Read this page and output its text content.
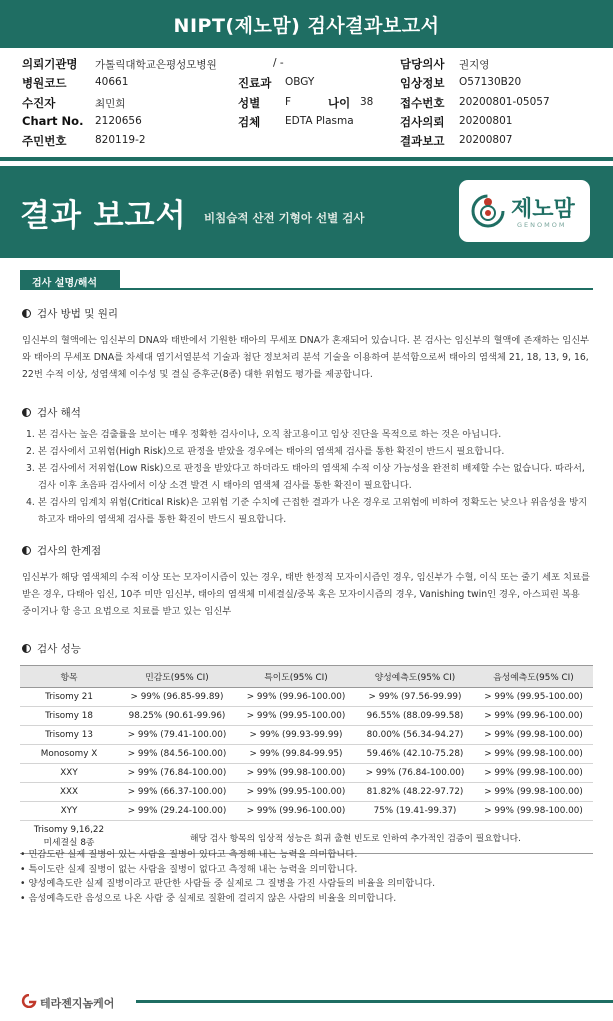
NIPT(제노맘) 검사결과보고서
의뢰기관명 가톨릭대학교은평성모병원	/ -	담당의사 권지영
병원코드	40661	진료과 OBGY	임상정보 O57130B20
수진자	최민희	성별 F	나이 38 접수번호 20200801-05057
Chart No. 2120656	검체 EDTA Plasma	검사의뢰 20200801
주민번호	820119-2	결과보고 20200807
결과 보고서 비침습적 산전 기형아 선별 검사	제노맘
GENOMOM
검사 설명/해석
검사 방법 및 원리
임신부의 혈액에는 임신부의 DNA와 태반에서 기원한 태아의 무세포 DNA가 혼재되어 있습니다. 본 검사는 임신부의 혈액에 존재하는 임신부와 태아의 무세포 DNA를 차세대 염기서열분석 기술과 첨단 정보처리 분석 기술을 이용하여 분석함으로써 태아의 염색체 21, 18, 13, 9, 16, 22번 수적 이상, 성염색체 이수성 및 결실 증후군(8종) 대한 위험도 평가를 제공합니다.
검사 해석
1. 본 검사는 높은 검출률을 보이는 매우 정확한 검사이나, 오직 참고용이고 임상 진단을 목적으로 하는 것은 아닙니다.
2. 본 검사에서 고위험(High Risk)으로 판정을 받았을 경우에는 태아의 염색체 검사를 통한 확진이 반드시 필요합니다.
3. 본 검사에서 저위험(Low Risk)으로 판정을 받았다고 하더라도 태아의 염색체 수적 이상 가능성을 완전히 배제할 수는 없습니다. 따라서, 검사 이후 초음파 검사에서 이상 소견 발견 시 태아의 염색체 검사를 통한 확진이 필요합니다.
4. 본 검사의 임계치 위험(Critical Risk)은 고위험 기준 수치에 근접한 결과가 나온 경우로 고위험에 비하여 정확도는 낮으나 위음성을 방지하고자 태아의 염색체 검사를 통한 확진이 반드시 필요합니다.
검사의 한계점
임신부가 해당 염색체의 수적 이상 또는 모자이시즘이 있는 경우, 태반 한정적 모자이시즘인 경우, 임신부가 수혈, 이식 또는 줄기 세포 치료를 받은 경우, 다태아 임신, 10주 미만 임신부, 태아의 염색체 미세결실/중복 혹은 모자이시즘의 경우, Vanishing twin인 경우, 아스피린 복용 중이거나 항 응고 요법으로 치료를 받고 있는 임신부
검사 성능
항목	민감도(95% CI)	특이도(95% CI)	양성예측도(95% CI)	음성예측도(95% CI)
Trisomy 21	> 99% (96.85-99.89)	> 99% (99.96-100.00)	> 99% (97.56-99.99)	> 99% (99.95-100.00)
Trisomy 18	98.25% (90.61-99.96)	> 99% (99.95-100.00)	96.55% (88.09-99.58)	> 99% (99.96-100.00)
Trisomy 13	> 99% (79.41-100.00)	> 99% (99.93-99.99)	80.00% (56.34-94.27)	> 99% (99.98-100.00)
Monosomy X	> 99% (84.56-100.00)	> 99% (99.84-99.95)	59.46% (42.10-75.28)	> 99% (99.98-100.00)
XXY	> 99% (76.84-100.00)	> 99% (99.98-100.00)	> 99% (76.84-100.00)	> 99% (99.98-100.00)
XXX	> 99% (66.37-100.00)	> 99% (99.95-100.00)	81.82% (48.22-97.72)	> 99% (99.98-100.00)
XYY	> 99% (29.24-100.00)	> 99% (99.96-100.00)	75% (19.41-99.37)	> 99% (99.98-100.00)

Trisomy 9,16,22
미세결실 8종	해당 검사 항목의 임상적 성능은 희귀 출현 빈도로 인하여 추가적인 검증이 필요합니다.			
• 민감도란 실제 질병이 있는 사람을 질병이 있다고 측정해 내는 능력을 의미합니다.
• 특이도란 실제 질병이 없는 사람을 질병이 없다고 측정해 내는 능력을 의미합니다.
• 양성예측도란 실제 질병이라고 판단한 사람들 중 실제로 그 질병을 가진 사람들의 비율을 의미합니다.
• 음성예측도란 음성으로 나온 사람 중 실제로 질환에 걸리지 않은 사람의 비율을 의미합니다.
테라젠지놈케어
